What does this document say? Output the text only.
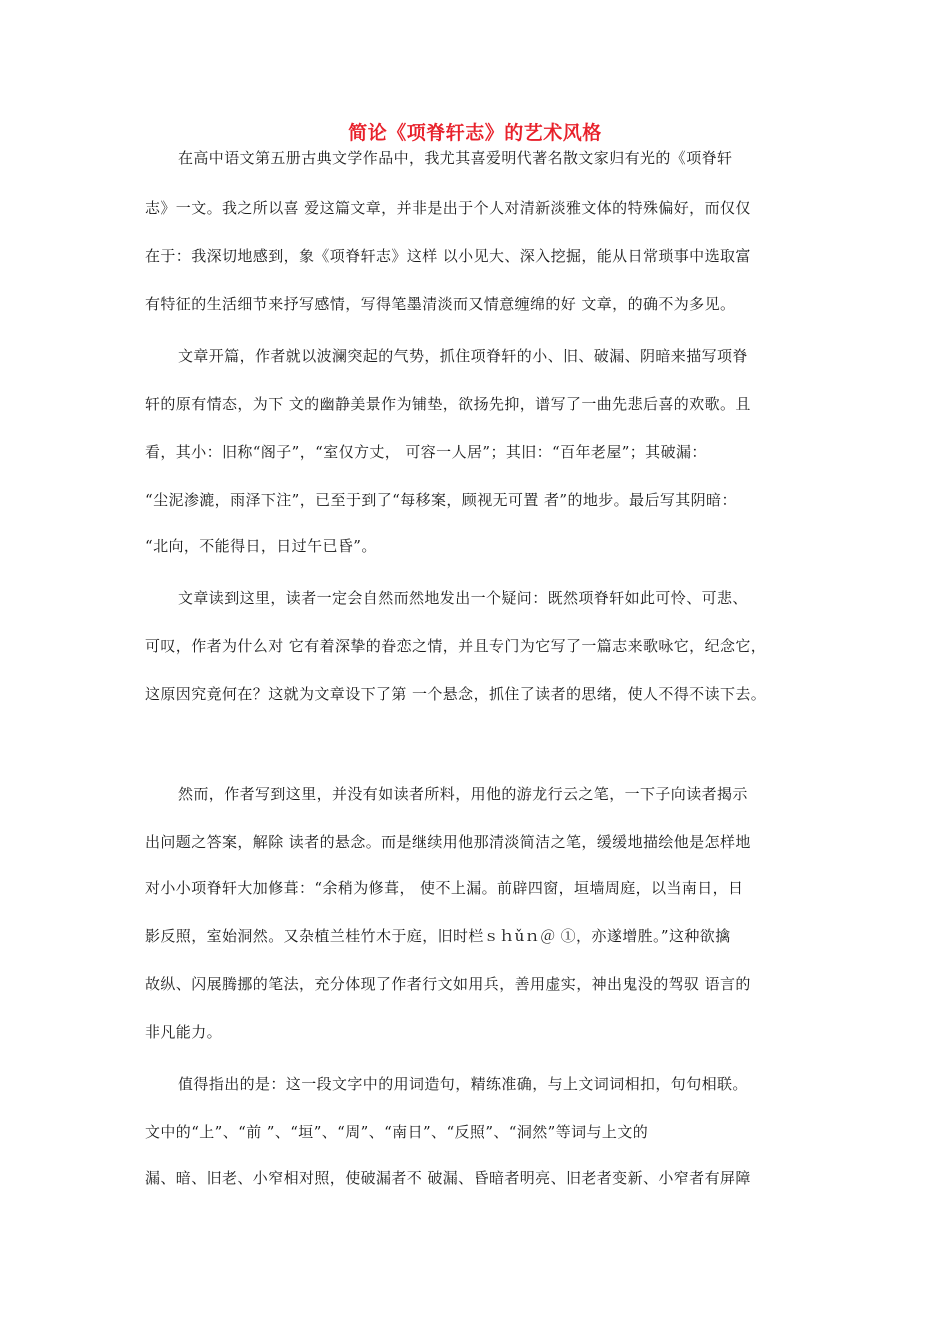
简论《项脊轩志》的艺术风格
在高中语文第五册古典文学作品中，我尤其喜爱明代著名散文家归有光的《项脊轩
志》一文。我之所以喜 爱这篇文章，并非是出于个人对清新淡雅文体的特殊偏好，而仅仅
在于：我深切地感到，象《项脊轩志》这样 以小见大、深入挖掘，能从日常琐事中选取富
有特征的生活细节来抒写感情，写得笔墨清淡而又情意缠绵的好 文章，的确不为多见。
文章开篇，作者就以波澜突起的气势，抓住项脊轩的小、旧、破漏、阴暗来描写项脊
轩的原有情态，为下 文的幽静美景作为铺垫，欲扬先抑，谱写了一曲先悲后喜的欢歌。且
看，其小：旧称“阁子”，“室仅方丈， 可容一人居”；其旧：“百年老屋”；其破漏：
“尘泥渗漉，雨泽下注”，已至于到了“每移案，顾视无可置 者”的地步。最后写其阴暗：
“北向，不能得日，日过午已昏”。
文章读到这里，读者一定会自然而然地发出一个疑问：既然项脊轩如此可怜、可悲、
可叹，作者为什么对 它有着深挚的眷恋之情，并且专门为它写了一篇志来歌咏它，纪念它，
这原因究竟何在？这就为文章设下了第 一个悬念，抓住了读者的思绪，使人不得不读下去。
然而，作者写到这里，并没有如读者所料，用他的游龙行云之笔，一下子向读者揭示
出问题之答案，解除 读者的悬念。而是继续用他那清淡简洁之笔，缓缓地描绘他是怎样地
对小小项脊轩大加修葺：“余稍为修葺， 使不上漏。前辟四窗，垣墙周庭，以当南日，日
影反照，室始洞然。又杂植兰桂竹木于庭，旧时栏ｓｈǔｎ＠ ①，亦遂增胜。”这种欲擒
故纵、闪展腾挪的笔法，充分体现了作者行文如用兵，善用虚实，神出鬼没的驾驭 语言的
非凡能力。
值得指出的是：这一段文字中的用词造句，精练准确，与上文词词相扣，句句相联。
文中的“上”、“前 ”、“垣”、“周”、“南日”、“反照”、“洞然”等词与上文的
漏、暗、旧老、小窄相对照，使破漏者不 破漏、昏暗者明亮、旧老者变新、小窄者有屏障
